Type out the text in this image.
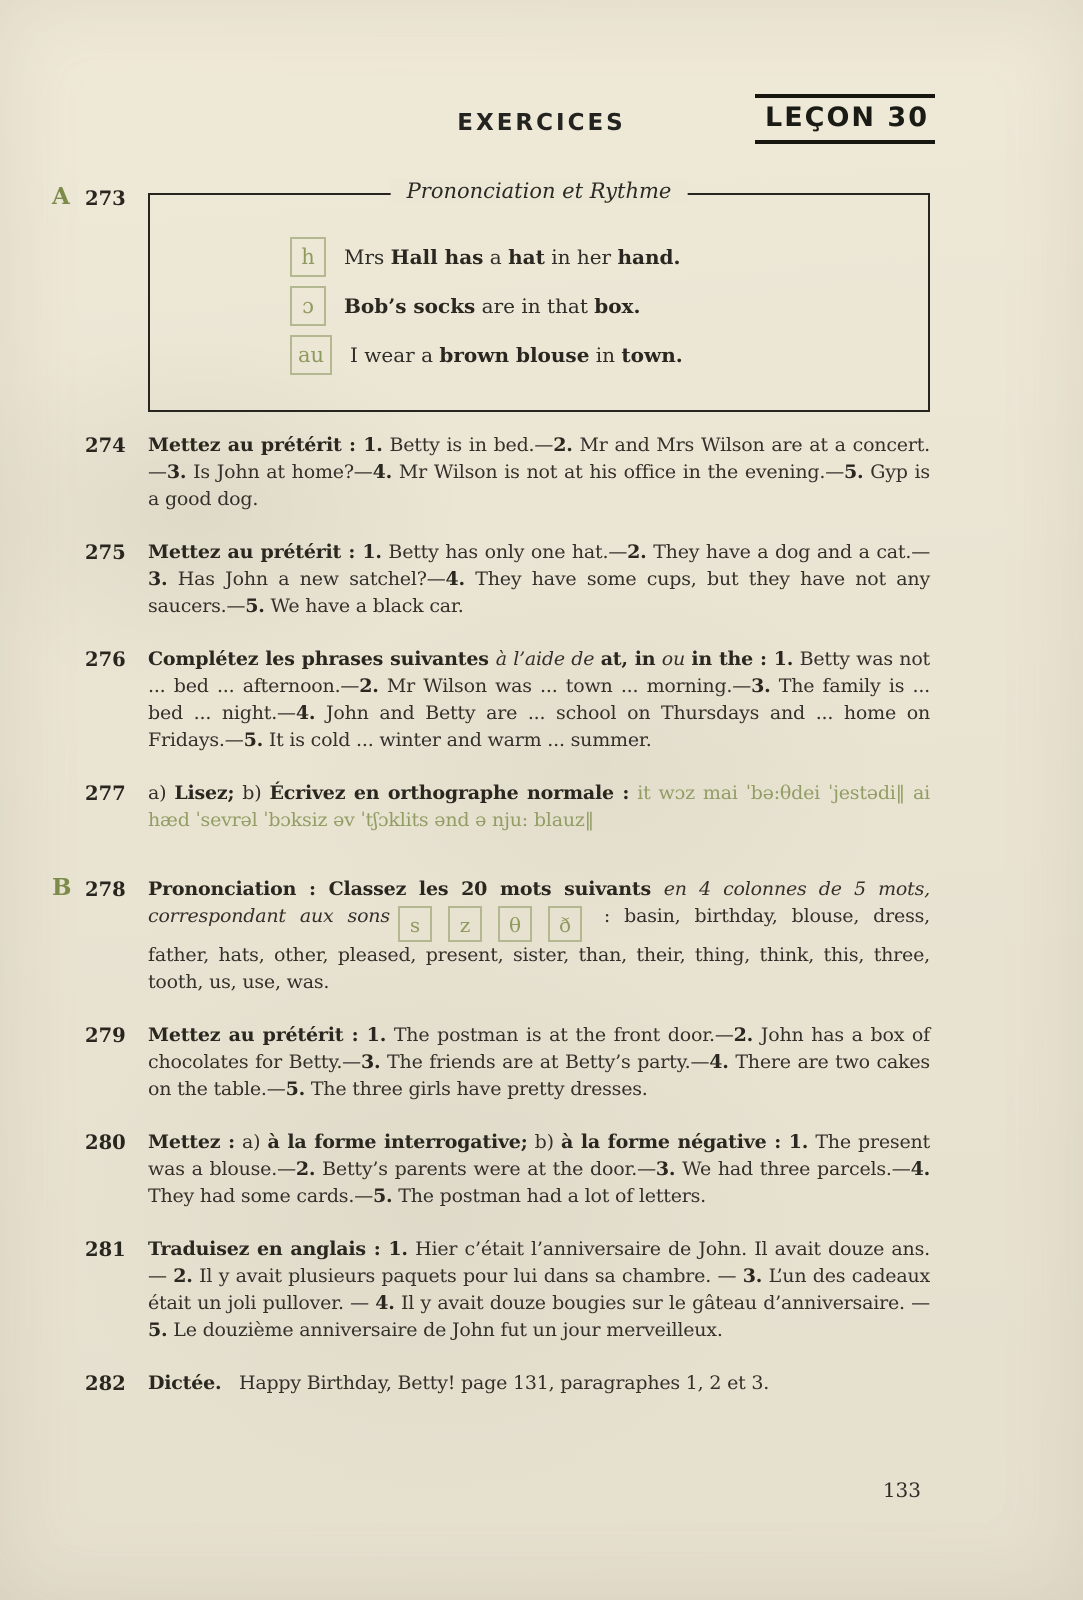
EXERCICES	LEÇON 30
A 273	Prononciation et Rythme
h	Mrs Hall has a hat in her hand.
ɔ	Bob’s socks are in that box.
au	I wear a brown blouse in town.
274	Mettez au prétérit : 1. Betty is in bed.—2. Mr and Mrs Wilson are at a concert.—3. Is John at home?—4. Mr Wilson is not at his office in the evening.—5. Gyp is a good dog.

275	Mettez au prétérit : 1. Betty has only one hat.—2. They have a dog and a cat.—3. Has John a new satchel?—4. They have some cups, but they have not any saucers.—5. We have a black car.

276	Complétez les phrases suivantes à l’aide de at, in ou in the : 1. Betty was not ... bed ... afternoon.—2. Mr Wilson was ... town ... morning.—3. The family is ... bed ... night.—4. John and Betty are ... school on Thursdays and ... home on Fridays.—5. It is cold ... winter and warm ... summer.

277	a) Lisez; b) Écrivez en orthographe normale : it wɔz mai ˈbə:θdei ˈjestədi‖ ai hæd ˈsevrəl ˈbɔksiz əv ˈtʃɔklits ənd ə nju: blauz‖

B 278	Prononciation : Classez les 20 mots suivants en 4 colonnes de 5 mots, correspondant aux sons s z θ ð : basin, birthday, blouse, dress, father, hats, other, pleased, present, sister, than, their, thing, think, this, three, tooth, us, use, was.

279	Mettez au prétérit : 1. The postman is at the front door.—2. John has a box of chocolates for Betty.—3. The friends are at Betty’s party.—4. There are two cakes on the table.—5. The three girls have pretty dresses.

280	Mettez : a) à la forme interrogative; b) à la forme négative : 1. The present was a blouse.—2. Betty’s parents were at the door.—3. We had three parcels.—4. They had some cards.—5. The postman had a lot of letters.

281	Traduisez en anglais : 1. Hier c’était l’anniversaire de John. Il avait douze ans. — 2. Il y avait plusieurs paquets pour lui dans sa chambre. — 3. L’un des cadeaux était un joli pullover. — 4. Il y avait douze bougies sur le gâteau d’anniversaire. — 5. Le douzième anniversaire de John fut un jour merveilleux.

282	Dictée.   Happy Birthday, Betty! page 131, paragraphes 1, 2 et 3.

133
